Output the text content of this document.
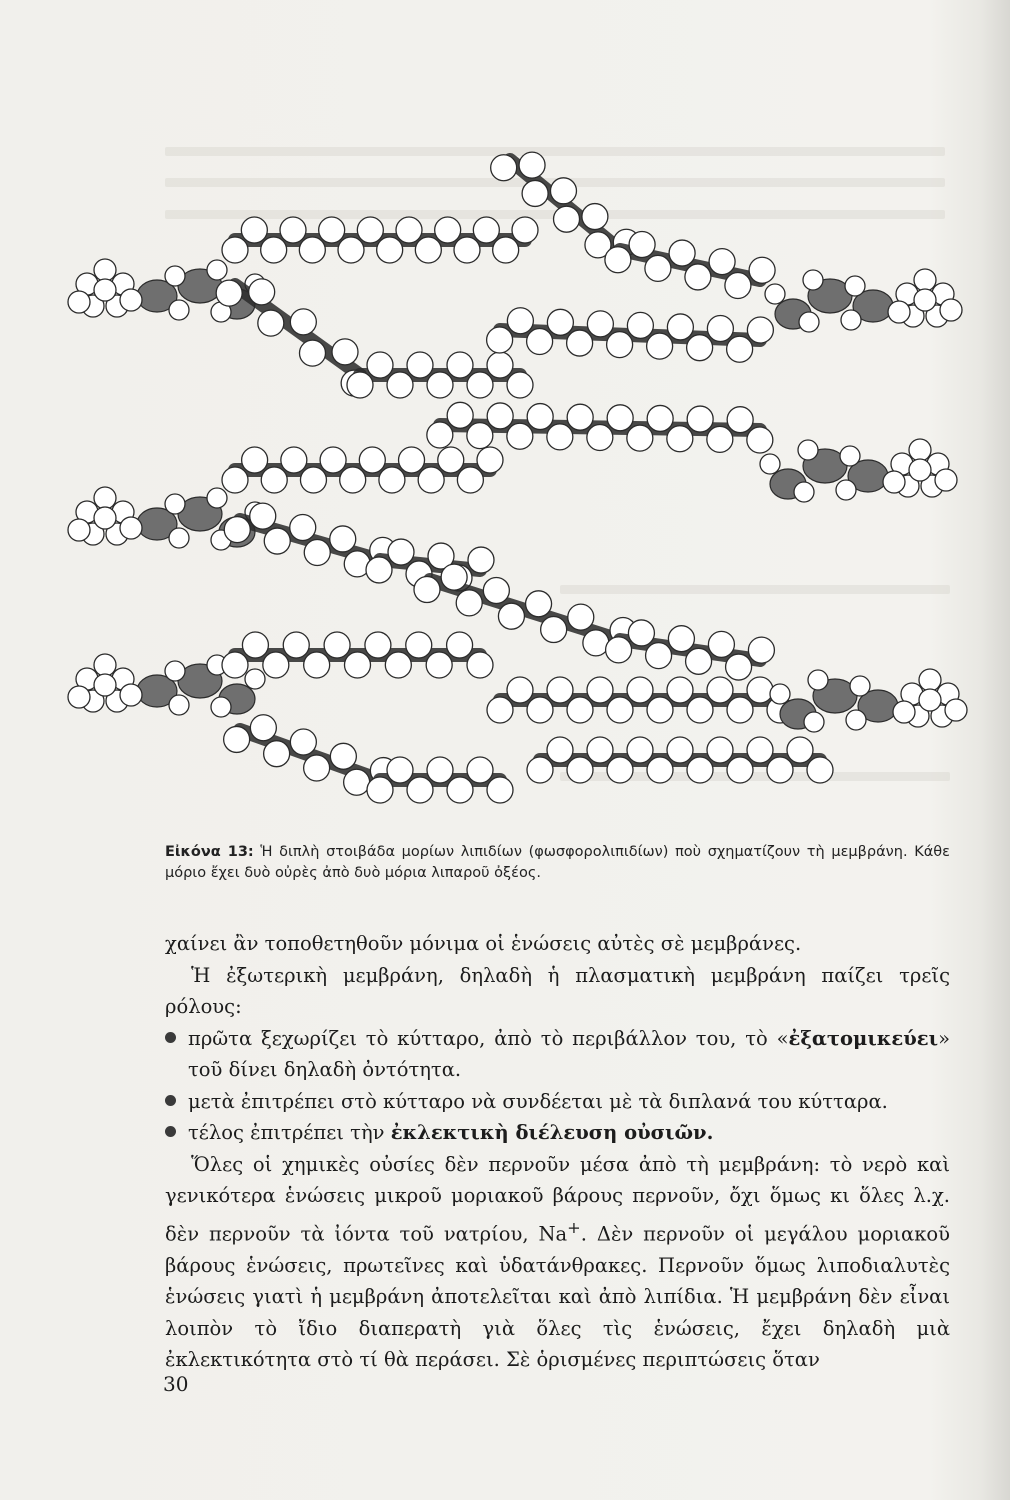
Εἰκόνα 13: Ἡ διπλὴ στοιβάδα μορίων λιπιδίων (φωσφορολιπιδίων) ποὺ σχηματίζουν τὴ μεμβράνη. Κάθε μόριο ἔχει δυὸ οὐρὲς ἀπὸ δυὸ μόρια λιπαροῦ ὀξέος.

χαίνει ἂν τοποθετηθοῦν μόνιμα οἱ ἑνώσεις αὐτὲς σὲ μεμβράνες.

Ἡ ἐξωτερικὴ μεμβράνη, δηλαδὴ ἡ πλασματικὴ μεμβράνη παίζει τρεῖς ρόλους:

πρῶτα ξεχωρίζει τὸ κύτταρο, ἀπὸ τὸ περιβάλλον του, τὸ «ἐξατομικεύει» τοῦ δίνει δηλαδὴ ὀντότητα.

μετὰ ἐπιτρέπει στὸ κύτταρο νὰ συνδέεται μὲ τὰ διπλανά του κύτταρα.

τέλος ἐπιτρέπει τὴν ἐκλεκτικὴ διέλευση οὐσιῶν.

Ὅλες οἱ χημικὲς οὐσίες δὲν περνοῦν μέσα ἀπὸ τὴ μεμβράνη: τὸ νερὸ καὶ γενικότερα ἑνώσεις μικροῦ μοριακοῦ βάρους περνοῦν, ὄχι ὅμως κι ὅλες λ.χ. δὲν περνοῦν τὰ ἰόντα τοῦ νατρίου, Na+. Δὲν περνοῦν οἱ μεγάλου μοριακοῦ βάρους ἑνώσεις, πρωτεῖνες καὶ ὑδατάνθρακες. Περνοῦν ὅμως λιποδιαλυτὲς ἑνώσεις γιατὶ ἡ μεμβράνη ἀποτελεῖται καὶ ἀπὸ λιπίδια. Ἡ μεμβράνη δὲν εἶναι λοιπὸν τὸ ἴδιο διαπερατὴ γιὰ ὅλες τὶς ἑνώσεις, ἔχει δηλαδὴ μιὰ ἐκλεκτικότητα στὸ τί θὰ περάσει. Σὲ ὁρισμένες περιπτώσεις ὅταν

30
